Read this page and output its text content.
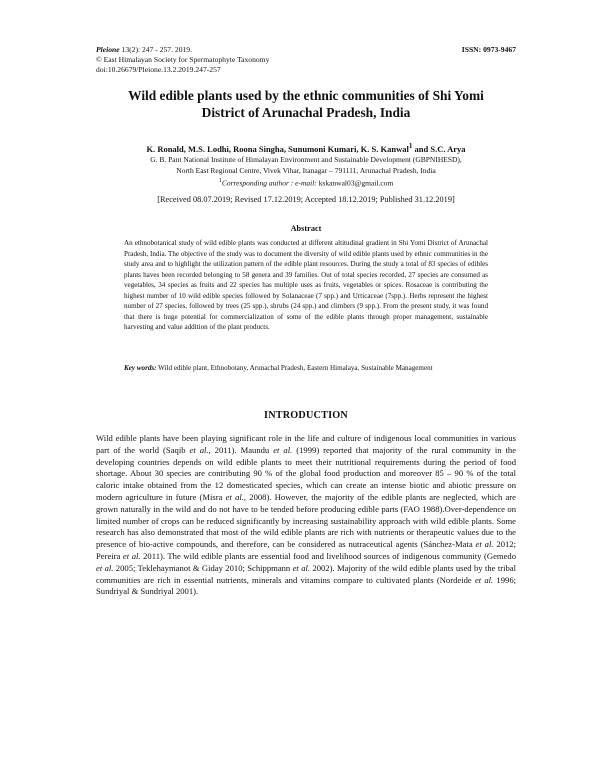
Pleione 13(2): 247 - 257. 2019.
© East Himalayan Society for Spermatophyte Taxonomy
doi:10.26679/Pleione.13.2.2019.247-257
ISSN: 0973-9467
Wild edible plants used by the ethnic communities of Shi Yomi
District of Arunachal Pradesh, India
K. Ronald, M.S. Lodhi, Roona Singha, Sunumoni Kumari, K. S. Kanwal$^1$ and S.C. Arya
G. B. Pant National Institute of Himalayan Environment and Sustainable Development (GBPNIHESD),
North East Regional Centre, Vivek Vihar, Itanagar – 791111, Arunachal Pradesh, India
$^1$Corresponding author : e-mail: kskanwal03@gmail.com
[Received 08.07.2019; Revised 17.12.2019; Accepted 18.12.2019; Published 31.12.2019]
Abstract

An ethnobotanical study of wild edible plants was conducted at different altitudinal gradient in Shi Yomi District of Arunachal Pradesh, India. The objective of the study was to document the diversity of wild edible plants used by ethnic communities in the study area and to highlight the utilization pattern of the edible plant resources. During the study a total of 83 species of edibles plants haves been recorded belonging to 58 genera and 39 families. Out of total species recorded, 27 species are consumed as vegetables, 34 species as fruits and 22 species has multiple uses as fruits, vegetables or spices. Rosaceae is contributing the highest number of 10 wild edible species followed by Solanaceae (7 spp.) and Urticaceae (7spp.). Herbs represent the highest number of 27 species, followed by trees (25 spp.), shrubs (24 spp.) and climbers (9 spp.). From the present study, it was found that there is huge potential for commercialization of some of the edible plants through proper management, sustainable harvesting and value addition of the plant products.

Key words: Wild edible plant, Ethnobotany, Arunachal Pradesh, Eastern Himalaya, Sustainable Management

INTRODUCTION

Wild edible plants have been playing significant role in the life and culture of indigenous local communities in various part of the world (Saqib et al., 2011). Maundu et al. (1999) reported that majority of the rural community in the developing countries depends on wild edible plants to meet their nutritional requirements during the period of food shortage. About 30 species are contributing 90 % of the global food production and moreover 85 – 90 % of the total caloric intake obtained from the 12 domesticated species, which can create an intense biotic and abiotic pressure on modern agriculture in future (Misra et al., 2008). However, the majority of the edible plants are neglected, which are grown naturally in the wild and do not have to be tended before producing edible parts (FAO 1988).Over-dependence on limited number of crops can be reduced significantly by increasing sustainability approach with wild edible plants. Some research has also demonstrated that most of the wild edible plants are rich with nutrients or therapeutic values due to the presence of bio-active compounds, and therefore, can be considered as nutraceutical agents (Sánchez-Mata et al. 2012; Pereira et al. 2011). The wild edible plants are essential food and livelihood sources of indigenous community (Gemedo et al. 2005; Teklehaymanot & Giday 2010; Schippmann et al. 2002). Majority of the wild edible plants used by the tribal communities are rich in essential nutrients, minerals and vitamins compare to cultivated plants (Nordeide et al. 1996; Sundriyal & Sundriyal 2001).
